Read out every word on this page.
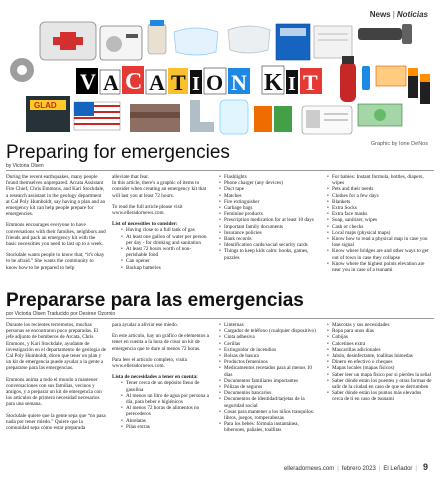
News | Noticias
V A C A T I O N K I T
GLAD
Graphic by Ione DeNos
Preparing for emergencies
by Victoria Olsen

During the recent earthquakes, many people found themselves unprepared. Arcata Assistant Fire Chief, Chris Emmons, and Kari Stockdale, a research assistant in the geology department at Cal Poly Humboldt, say having a plan and an emergency kit can help people prepare for emergencies.

Emmons encourages everyone to have conversations with their families, neighbors and friends and pack an emergency kit with the basic necessities you need to last up to a week.

Stockdale wants people to know that, “it's okay to be afraid.” She wants the community to know how to be prepared to help

alleviate that fear.

In this article, there's a graphic of items to consider when creating an emergency kit that will last you at least 72 hours.

To read the full article please visit www.elleradornews.com.

List of necessities to consider:
• Having close to a full tank of gas
• At least one gallon of water per person per day - for drinking and sanitation
• At least 72 hours worth of non-perishable food
• Can opener
• Backup batteries
• Flashlights
• Phone charger (any devices)
• Duct tape
• Matches
• Fire extinguisher
• Garbage bags
• Feminine products
• Prescription medication for at least 10 days
• Important family documents
• Insurance policies
• Bank records
• Identification cards/social security cards
• Things to keep kids calm: books, games, puzzles
• For babies: Instant formula, bottles, diapers, wipes
• Pets and their needs
• Clothes for a few days
• Blankets
• Extra Socks
• Extra face masks
• Soap, sanitizer, wipes
• Cash or checks
• Local maps (physical maps)
• Know how to read a physical map in case you lose signal
• Know where bridges are and other ways to get out of town in case they collapse
• Know where the highest points elevation are near you in case of a tsunami
Prepararse para las emergencias
por Victoria Olsen Traducido por Desiree Ozornio

Durante los recientes terremotos, muchas personas se encontraron poco preparadas. El jefe adjunto de bomberos de Arcata, Chris Emmons, y Kari Stockdale, ayudante de investigación en el departamento de geología de Cal Poly Humboldt, dicen que tener un plan y un kit de emergencia puede ayudar a la gente a prepararse para las emergencias.

Emmons anima a todo el mundo a mantener conversaciones con sus familias, vecinos y amigos, y a preparar un kit de emergencia con los artículos de primera necesidad necesarios para una semana.

Stockdale quiere que la gente sepa que “no pasa nada por tener miedo.” Quiere que la comunidad sepa cómo estar preparada

para ayudar a aliviar ese miedo.

En este artículo, hay un gráfico de elementos a tener en cuenta a la hora de crear un kit de emergencia que te dure al menos 72 horas.

Para leer el artículo completo, visita www.elleradornews.com.

Lista de necesidades a tener en cuenta:
• Tener cerca de un depósito lleno de gasolina
• Al menos un litro de agua por persona a día, para beber e higiénicos
• Al menos 72 horas de alimentos no perecederos
• Abrelatas
• Pilas extras
• Linternas
• Cargador de teléfono (cualquier dispositivo)
• Cinta adhesiva
• Cerillas
• Extinguidor de incendios
• Bolsas de basura
• Productos femeninos
• Medicamentos recetados para al menos 10 días
• Documentos familiares importantes
• Pólizas de seguros
• Documentos bancarios
• Documentos de identidad/tarjetas de la seguridad social
• Cosas para mantener a los niños tranquilos: libros, juegos, rompecabezas
• Para los bebés: fórmula instantánea, biberones, pañales, toallitas
• Mascotas y sus necesidades
• Ropa para unos días
• Cobijas
• Calcetines extra
• Mascarillas adicionales
• Jabón, desinfectante, toallitas húmedas
• Dinero en efectivo o cheques
• Mapas locales (mapas físicos)
• Saber leer un mapa físico por si pierdes la señal
• Saber dónde están los puentes y otras formas de salir de la ciudad en caso de que se derrumben
• Saber dónde están los puntos más elevados cerca de ti en caso de tsunami
elleradornews.com | febrero 2023 | El Leñador | 9
